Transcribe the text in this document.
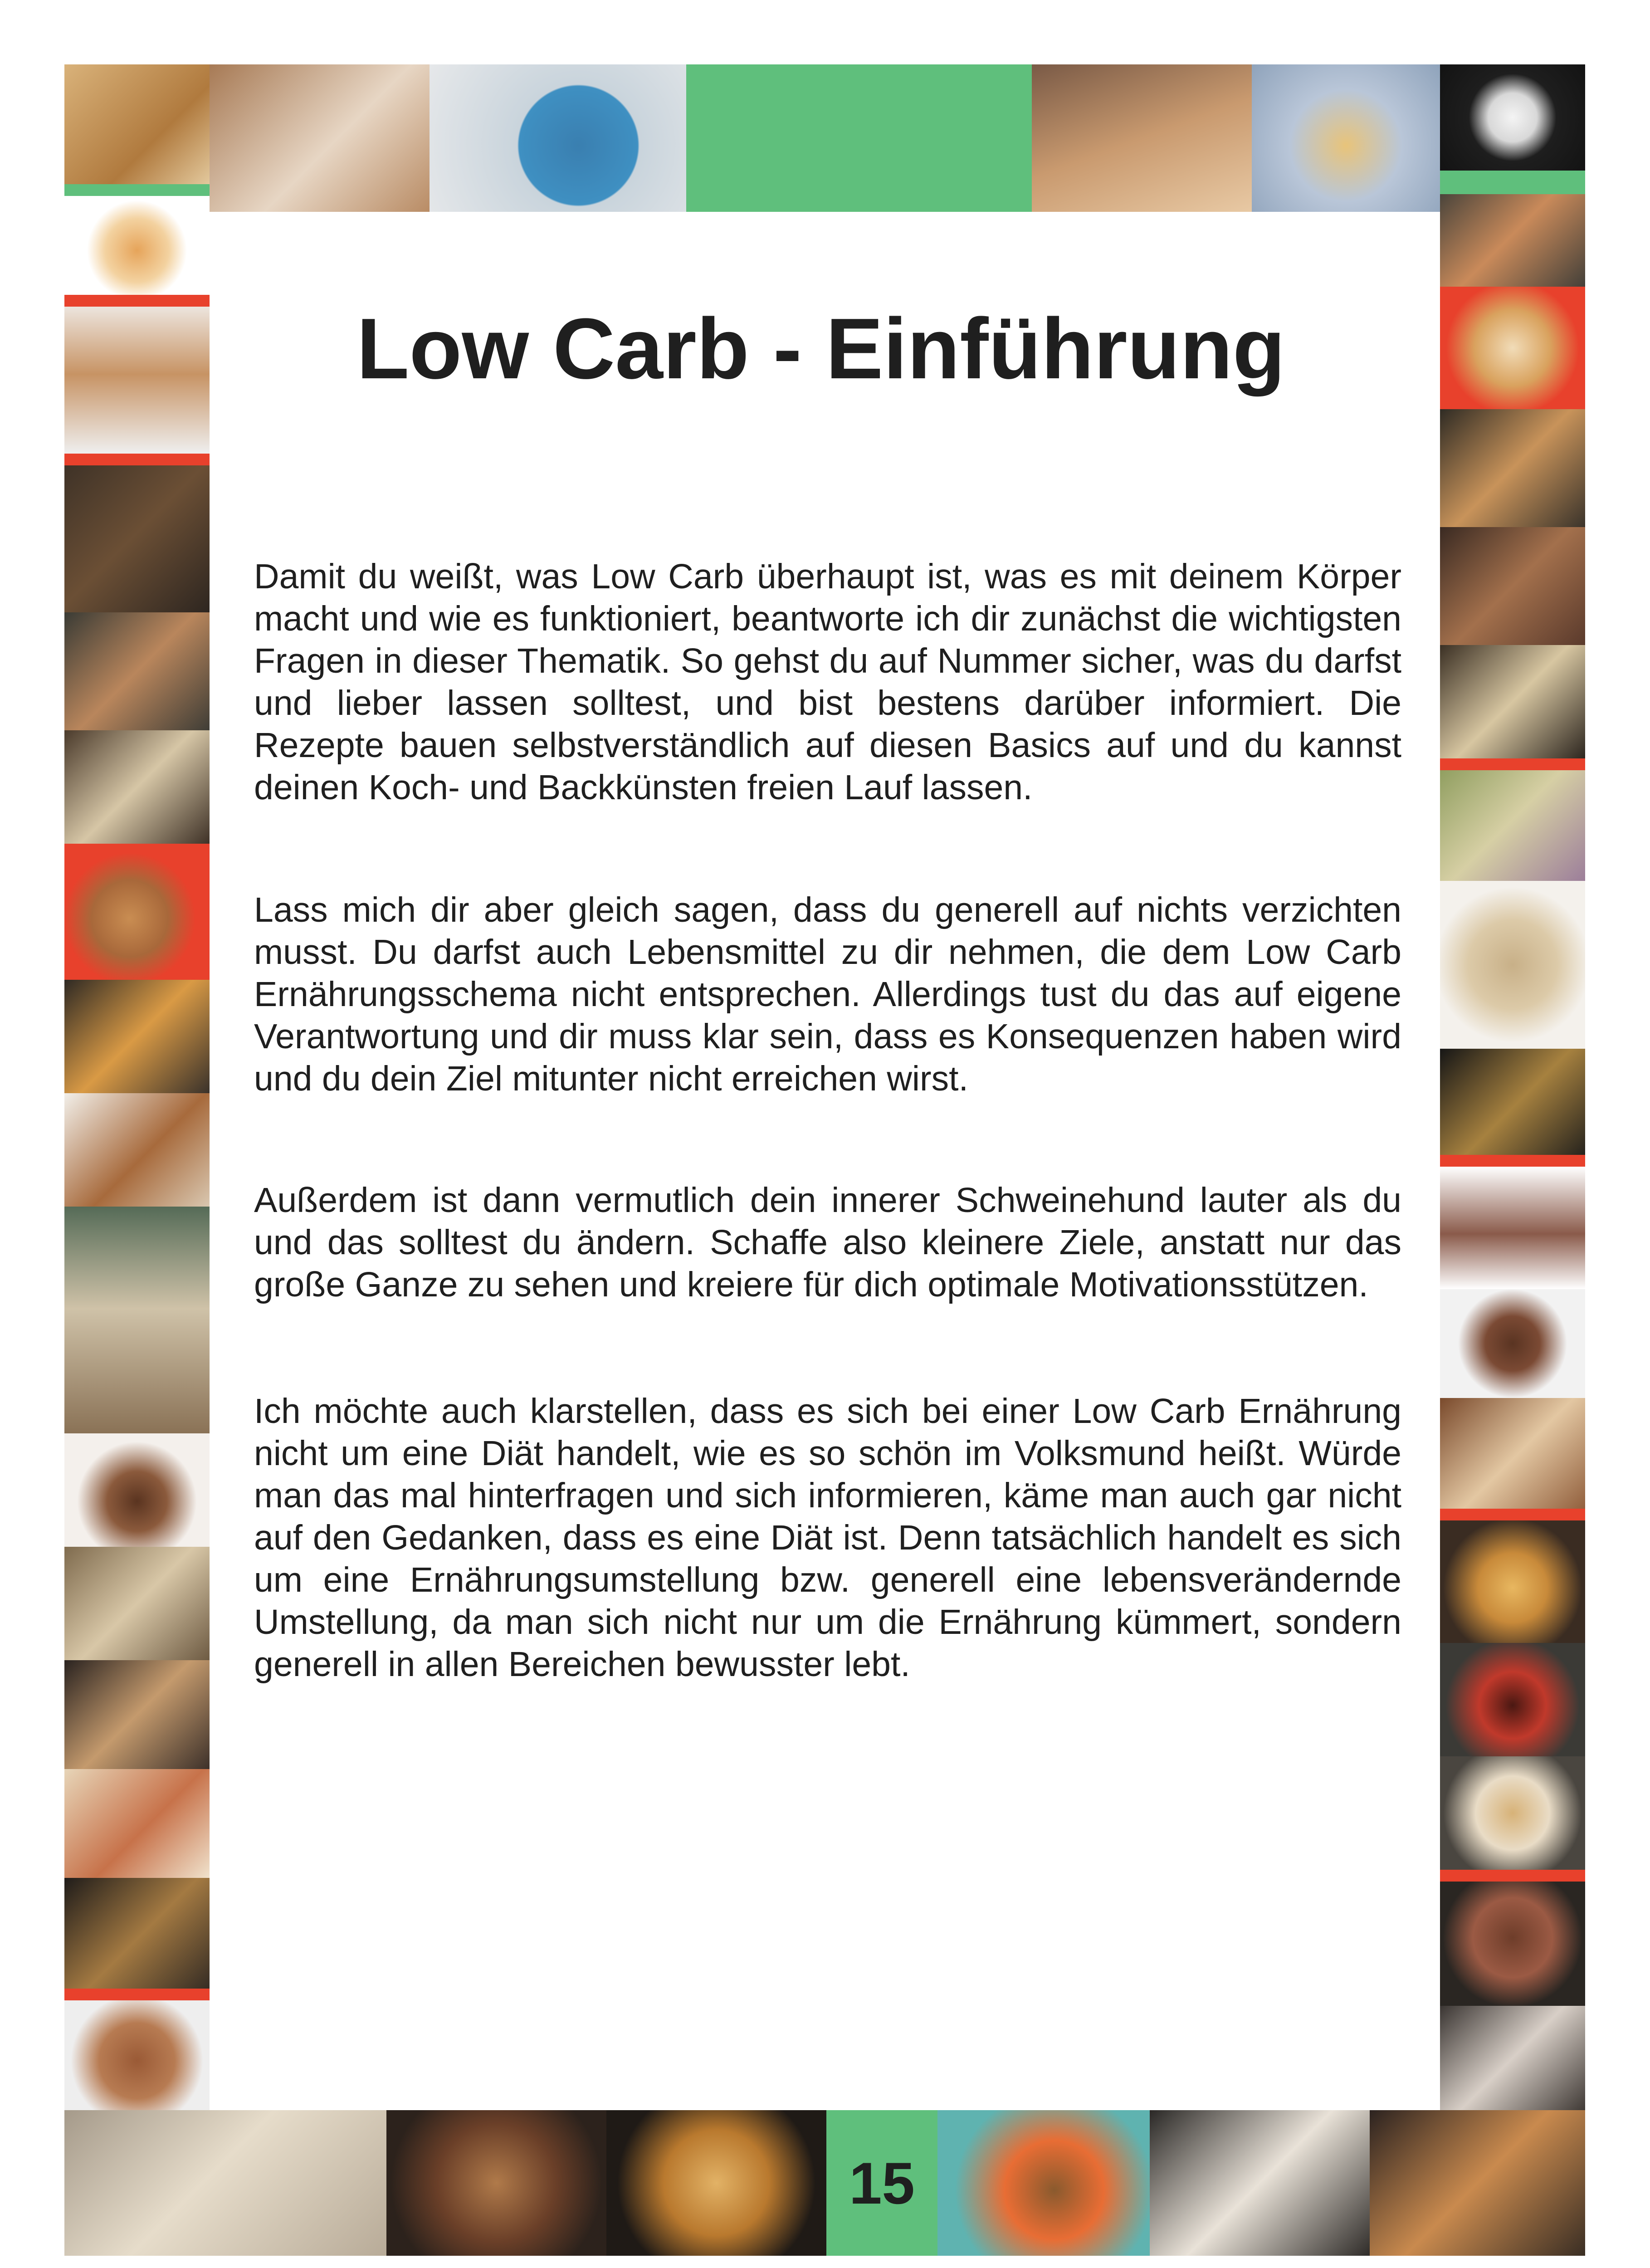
15
Low Carb - Einführung

Damit du weißt, was Low Carb überhaupt ist, was es mit deinem Körper macht und wie es funktioniert, beantworte ich dir zunächst die wichtigsten Fragen in dieser Thematik. So gehst du auf Nummer sicher, was du darfst und lieber lassen solltest, und bist bestens darüber informiert. Die Rezepte bauen selbstverständlich auf diesen Basics auf und du kannst deinen Koch- und Backkünsten freien Lauf lassen.

Lass mich dir aber gleich sagen, dass du generell auf nichts verzichten musst. Du darfst auch Lebensmittel zu dir nehmen, die dem Low Carb Ernährungsschema nicht entsprechen. Allerdings tust du das auf eigene Verantwortung und dir muss klar sein, dass es Konsequenzen haben wird und du dein Ziel mitunter nicht erreichen wirst.

Außerdem ist dann vermutlich dein innerer Schweinehund lauter als du und das solltest du ändern. Schaffe also kleinere Ziele, anstatt nur das große Ganze zu sehen und kreiere für dich optimale Motivationsstützen.

Ich möchte auch klarstellen, dass es sich bei einer Low Carb Ernährung nicht um eine Diät handelt, wie es so schön im Volksmund heißt. Würde man das mal hinterfragen und sich informieren, käme man auch gar nicht auf den Gedanken, dass es eine Diät ist. Denn tatsächlich handelt es sich um eine Ernährungsumstellung bzw. generell eine lebensverändernde Umstellung, da man sich nicht nur um die Ernährung kümmert, sondern generell in allen Bereichen bewusster lebt.
